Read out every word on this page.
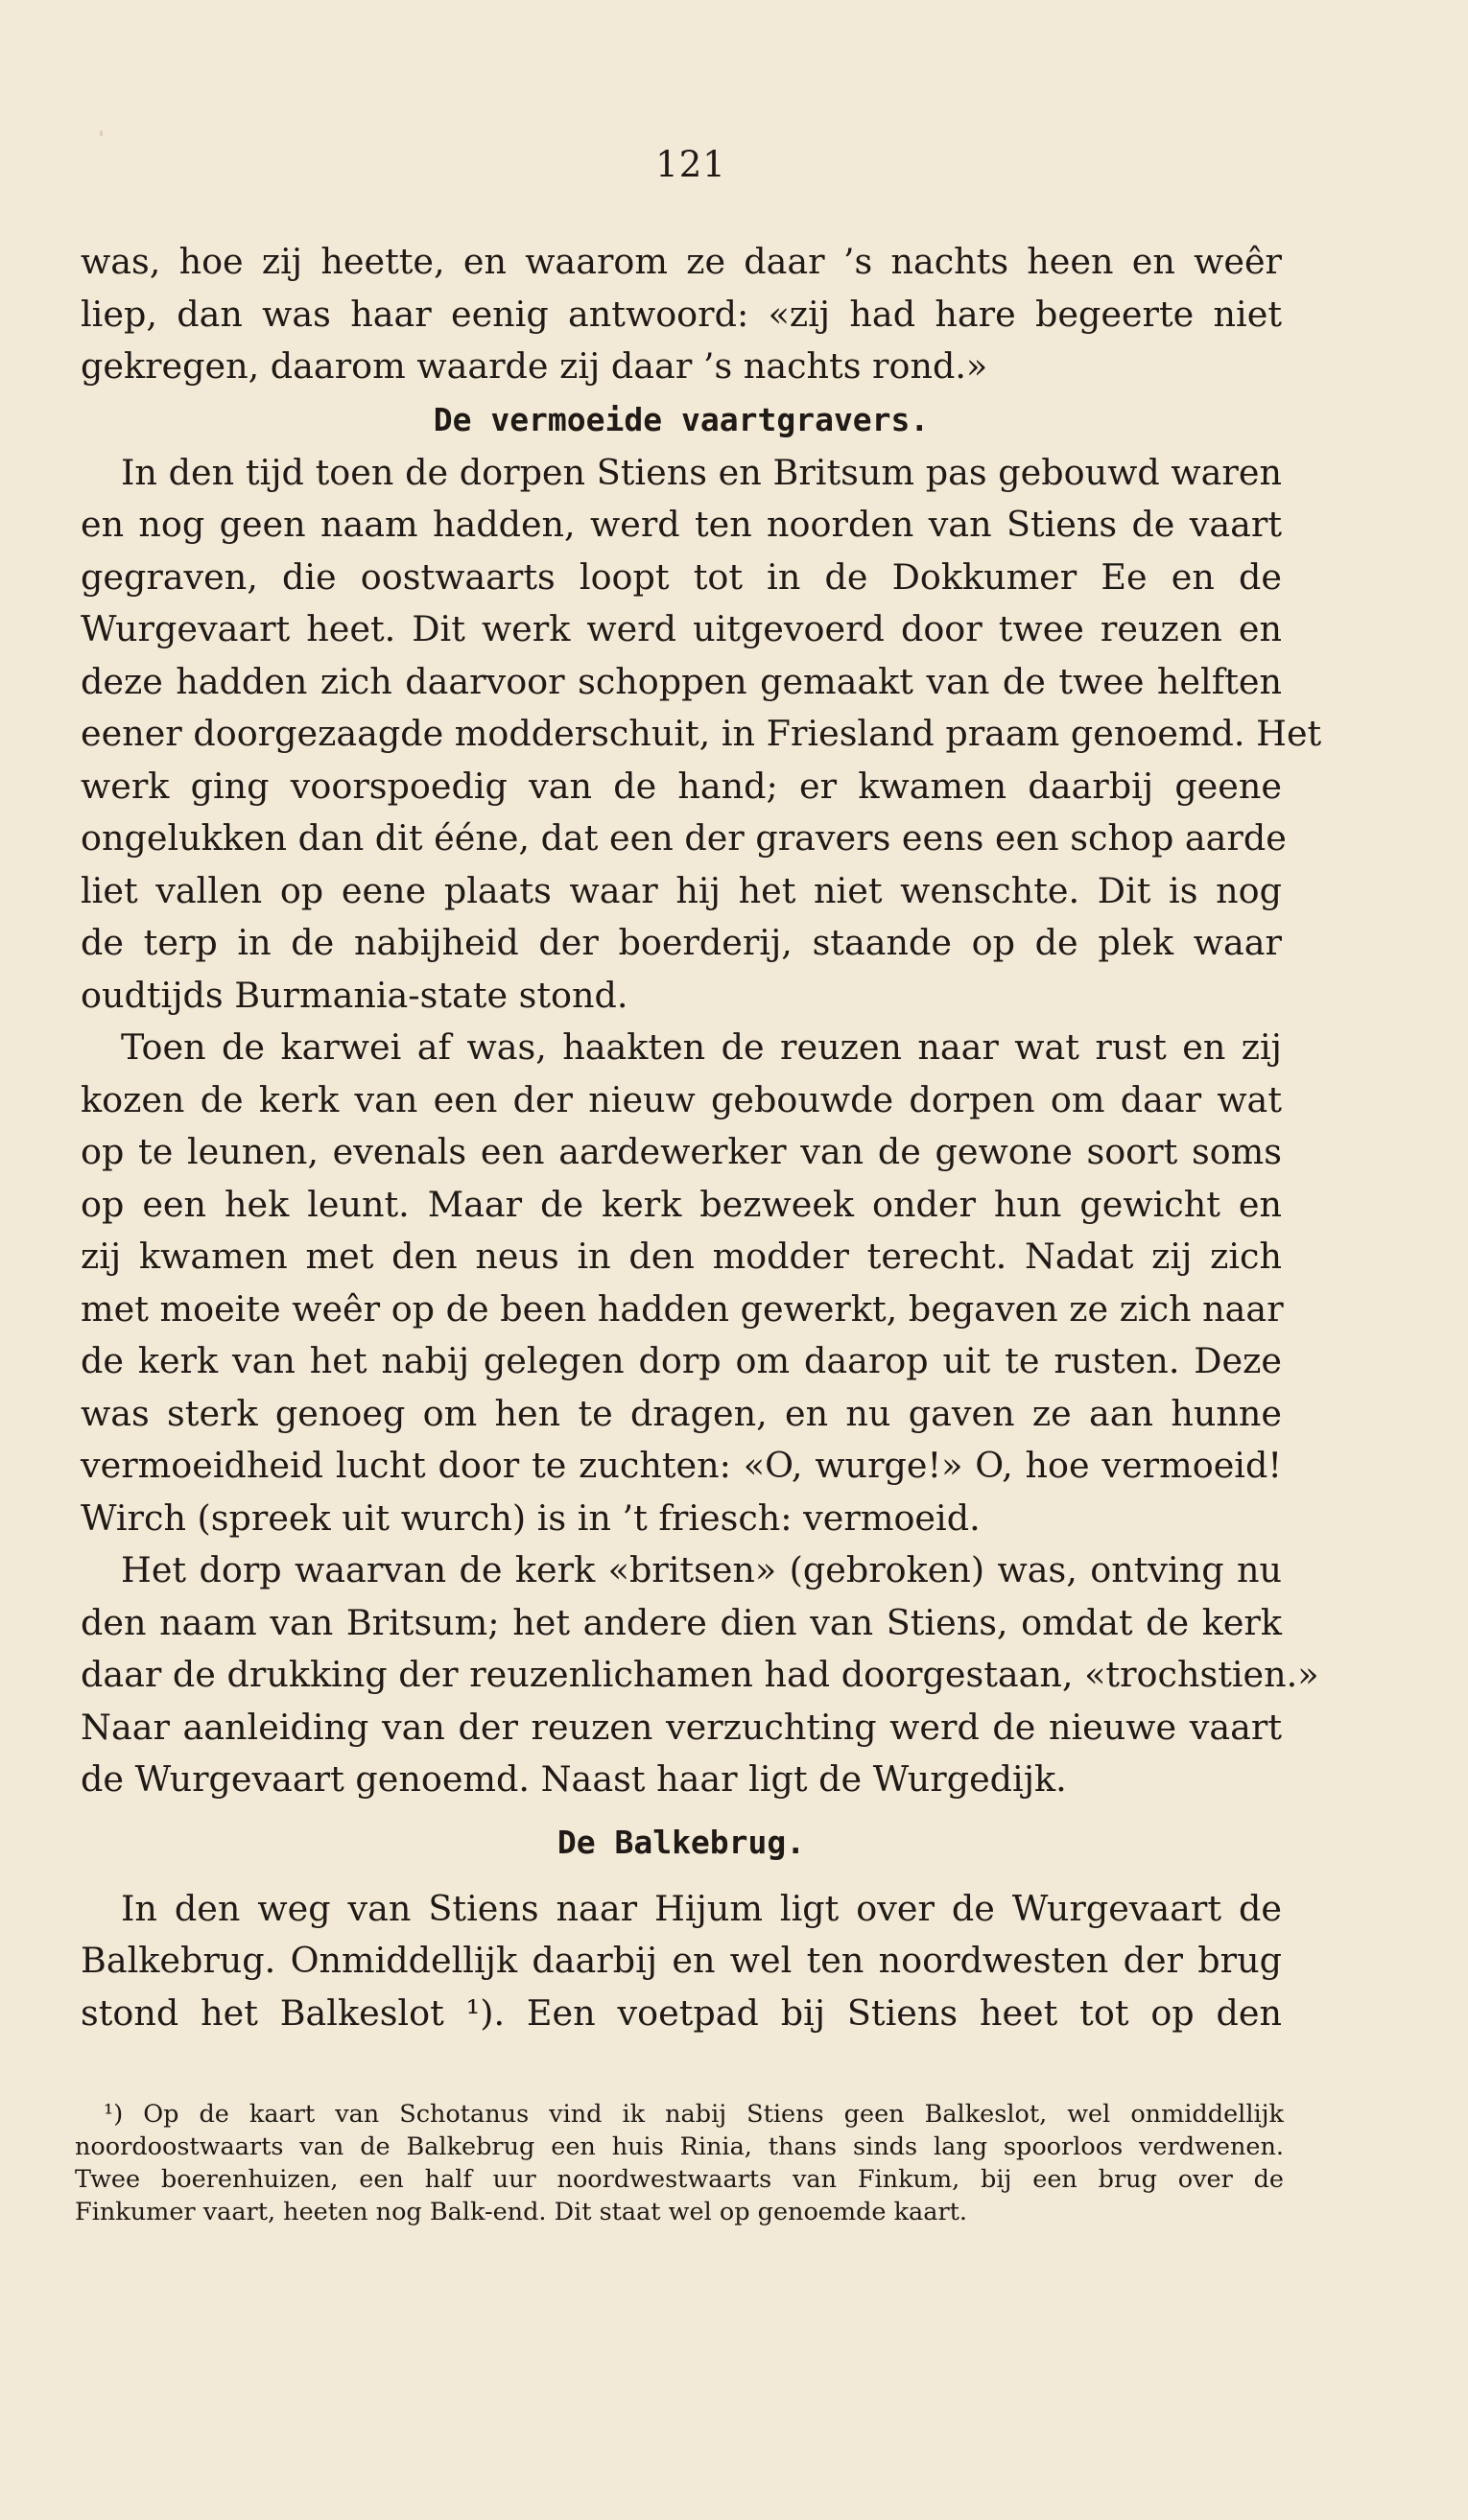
121
was, hoe zij heette, en waarom ze daar ’s nachts heen en weêr
liep, dan was haar eenig antwoord: «zij had hare begeerte niet
gekregen, daarom waarde zij daar ’s nachts rond.»
De vermoeide vaartgravers.
In den tijd toen de dorpen Stiens en Britsum pas gebouwd waren
en nog geen naam hadden, werd ten noorden van Stiens de vaart
gegraven, die oostwaarts loopt tot in de Dokkumer Ee en de
Wurgevaart heet. Dit werk werd uitgevoerd door twee reuzen en
deze hadden zich daarvoor schoppen gemaakt van de twee helften
eener doorgezaagde modderschuit, in Friesland praam genoemd. Het
werk ging voorspoedig van de hand; er kwamen daarbij geene
ongelukken dan dit ééne, dat een der gravers eens een schop aarde
liet vallen op eene plaats waar hij het niet wenschte. Dit is nog
de terp in de nabijheid der boerderij, staande op de plek waar
oudtijds Burmania-state stond.
Toen de karwei af was, haakten de reuzen naar wat rust en zij
kozen de kerk van een der nieuw gebouwde dorpen om daar wat
op te leunen, evenals een aardewerker van de gewone soort soms
op een hek leunt. Maar de kerk bezweek onder hun gewicht en
zij kwamen met den neus in den modder terecht. Nadat zij zich
met moeite weêr op de been hadden gewerkt, begaven ze zich naar
de kerk van het nabij gelegen dorp om daarop uit te rusten. Deze
was sterk genoeg om hen te dragen, en nu gaven ze aan hunne
vermoeidheid lucht door te zuchten: «O, wurge!» O, hoe vermoeid!
Wirch (spreek uit wurch) is in ’t friesch: vermoeid.
Het dorp waarvan de kerk «britsen» (gebroken) was, ontving nu
den naam van Britsum; het andere dien van Stiens, omdat de kerk
daar de drukking der reuzenlichamen had doorgestaan, «trochstien.»
Naar aanleiding van der reuzen verzuchting werd de nieuwe vaart
de Wurgevaart genoemd. Naast haar ligt de Wurgedijk.
De Balkebrug.
In den weg van Stiens naar Hijum ligt over de Wurgevaart de
Balkebrug. Onmiddellijk daarbij en wel ten noordwesten der brug
stond het Balkeslot ¹). Een voetpad bij Stiens heet tot op den
¹) Op de kaart van Schotanus vind ik nabij Stiens geen Balkeslot, wel onmiddellijk
noordoostwaarts van de Balkebrug een huis Rinia, thans sinds lang spoorloos verdwenen.
Twee boerenhuizen, een half uur noordwestwaarts van Finkum, bij een brug over de
Finkumer vaart, heeten nog Balk-end. Dit staat wel op genoemde kaart.
